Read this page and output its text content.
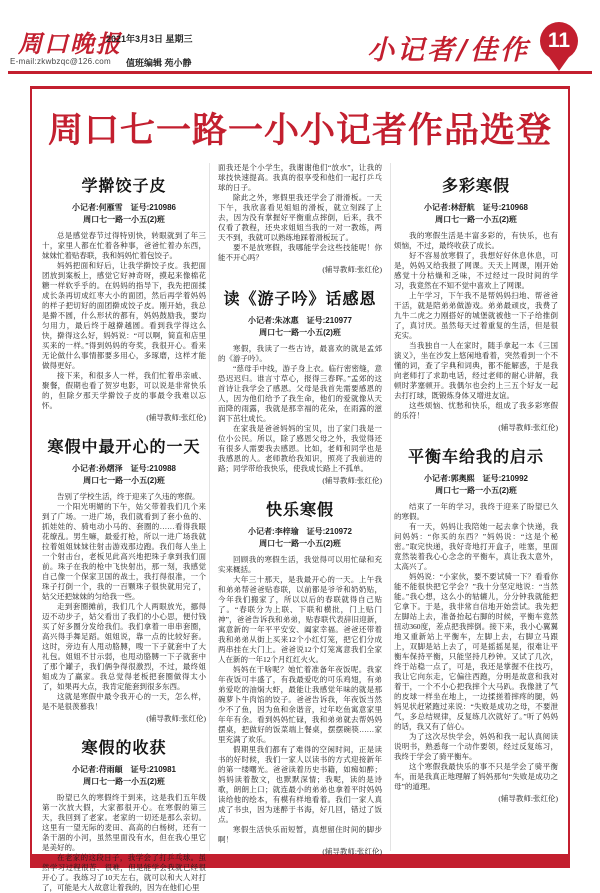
周口晚报
E-mail:zkwbzqc@126.com
2021年3月3日 星期三
值班编辑 苑小静	小记者/佳作 11
周口七一路一小小记者作品选登
学擀饺子皮
小记者:何雁雪　证号:210986
周口七一路一小五(2)班
总是感觉春节过得特别快，转眼就到了年三十，家里人都在忙着各种事，爸爸忙着办东西，妹妹忙着贴春联，我和妈妈忙着包饺子。
妈妈把面和好后，让我学擀饺子皮。我把面团放到案板上，感觉它好神奇呀，摸起来像棉花糖一样软乎乎的。在妈妈的指导下，我先把面揉成长条再切成红枣大小的面团，然后再学着妈妈的样子把切好的面团擀成饺子皮。刚开始，我总是擀不圆，什么形状的都有，妈妈鼓励我，要均匀用力，最后终于越擀越圆。看到我学得这么快，擀得这么好，妈妈说：“可以啊，简直和店里买来的一样。”得到妈妈的夸奖，我很开心。看来无论做什么事情都要多用心，多琢磨，这样才能做得更好。
接下来，和很多人一样，我们忙着串亲戚、聚餐，假期也看了贺岁电影，可以说是非常快乐的，但除夕那天学擀饺子皮的事最令我难以忘怀。
(辅导教师:张红伦)
寒假中最开心的一天
小记者:孙熠泽　证号:210988
周口七一路一小五(2)班
告别了学校生活，终于迎来了久违的寒假。
一个阳光明媚的下午，姑父带着我们几个来到了广场。一进广场，我们就看到了套小鱼的、抓娃娃的、骑电动小马的、套圈的……看得我眼花缭乱。男生嘛，最爱打枪，所以一进广场我就拉着姐姐妹妹往射击游戏那边跑。我们每人坐上一个射击台，老板见此高兴地把珠子拿到我们面前。珠子在我的枪中飞快射出，那一刻，我感觉自己像一个保家卫国的战士，我打得很准，一个珠子打倒一个，我的一百颗珠子很快就用完了，姑父还把妹妹的匀给我一些。
走到套圈摊前，我们几个人两眼放光，挪得迈不动步子，姑父看出了我们的小心思，便付钱买了好多圈分发给我们。我们拿着一串串套圈，高兴得手舞足蹈。姐姐说，靠一点的比较好套。这时，旁边有人甩动胳膊，嗖一下子就套中了大礼包。姐姐不甘示弱，也甩动胳膊一下子就套中了那个罐子，我们俩争得很激烈，不过，最终姐姐成为了赢家。我总觉得老板把套圈做得太小了，如果再大点，我肯定能套到很多东西。
这就是寒假中最令我开心的一天，怎么样，是不是很羡慕我！
(辅导教师:张红伦)
寒假的收获
小记者:苻雨頔　证号:210981
周口七一路一小五(2)班
盼望已久的寒假终于到来，这是我们五年级第一次放大假，大家都很开心。在寒假的第三天，我回到了老家。老家的一切还是那么亲切。这里有一望无际的麦田、高高的白杨树，还有一条干涸的小河，虽然里面没有水，但在我心里它是美好的。
在老家的这段日子，我学会了打乒乓球。虽然学习过程很苦、很难，但是能学会我就已经很开心了。我练习了10天左右，就可以和大人对打了，可能是大人故意让着我的，因为在他们心里
面我还是个小学生，我谢谢他们“放水”，让我的球技快速提高。我真的很享受和他们一起打乒乓球的日子。
除此之外，寒假里我还学会了滑滑板。一天下午，我欣喜看见姐姐的滑板，就立刻踩了上去，因为没有掌握好平衡重点摔倒，后来，我不仅看了教程，还央求姐姐当我的一对一教练，两天不到，我就可以熟练地踩着滑板玩了。
要不是放寒假，我哪能学会这些技能呢！你能不开心吗？
(辅导教师:张红伦)
读《游子吟》话感恩
小记者:朱冰惠　证号:210977
周口七一路一小五(2)班
寒假，我读了一些古诗，最喜欢的就是孟郊的《游子吟》。
“慈母手中线，游子身上衣。临行密密缝，意恐迟迟归。谁言寸草心，报得三春晖。”孟郊的这首诗让我学会了感恩。父母是我首先需要感恩的人，因为他们给予了我生命，他们的爱就像从天而降的雨露，我就是那幸福的花朵，在雨露的滋润下茁壮成长。
在家我是爸爸妈妈的宝贝，出了家门我是一位小公民。所以，除了感恩父母之外，我觉得还有很多人需要我去感恩。比如，老师和同学也是我感恩的人。老师教给我知识，照亮了我前进的路；同学带给我快乐，使我成长路上不孤单。
(辅导教师:张红伦)
快乐寒假
小记者:李梓瑜　证号:210972
周口七一路一小五(2)班
回顾我的寒假生活，我觉得可以用忙碌和充实来概括。
大年三十那天，是我最开心的一天。上午我和弟弟帮爸爸贴春联，以前都是爷爷和奶奶贴，今年我们搬家了，所以以后的春联就得自己贴了。“春联分为上联、下联和横批，门上贴门神”，爸爸告诉我和弟弟，贴春联代表辞旧迎新，寓意新的一年平平安安、阖家幸福。爸爸还带着我和弟弟从街上买来12个小红灯笼，把它们分成两串挂在大门上。爸爸说12个灯笼寓意我们全家人在新的一年12个月红红火火。
妈妈在干啥呢？她忙着准备年夜饭呢。我家年夜饭可丰盛了，有我最爱吃的可乐鸡翅，有弟弟爱吃的油焖大虾，最能让我感觉年味的就是那碗萝卜牛肉馅的饺子。爸爸告诉我，年夜饭当然少不了鱼，因为鱼和余谐音，过年吃鱼寓意家里年年有余。看到妈妈忙碌，我和弟弟就去帮妈妈摆桌，把做好的饭菜端上餐桌，摆摆碗筷……家里充满了欢乐。
假期里我们都有了难得的空闲时间，正是读书的好时候，我们一家人以读书的方式迎接新年的第一缕曙光。爸爸读着历史书籍，如痴如醉；妈妈读着散文，也默默深情；我呢，读的是诗歌，朗朗上口；就连最小的弟弟也拿着平时妈妈读给他的绘本，有模有样地看着。我们一家人真成了书虫，因为迷醉于书海，好几回，错过了饭点。
寒假生活快乐而短暂，真想留住时间的脚步啊！
(辅导教师:张红伦)
多彩寒假
小记者:林舒航　证号:210968
周口七一路一小五(2)班
我的寒假生活是丰富多彩的，有快乐，也有烦恼，不过，最终收获了成长。
好不容易放寒假了，我想好好休息休息，可是，妈妈又给我报了网课。天天上网课，刚开始感觉十分枯燥和乏味，不过经过一段时间的学习，我竟然在不知不觉中喜欢上了网课。
上午学习，下午我不是帮妈妈扫地、帮爸爸干活，就是陪弟弟做游戏。弟弟最顽皮，我费了九牛二虎之力刚搭好的城堡就被他一下子给推倒了，真讨厌。虽然每天过着重复的生活，但是很充实。
当我独自一人在家时，随手拿起一本《三国演义》，坐在沙发上悠闲地看着，突然看到一个不懂的词，查了字典和词典，都不能解惑，于是我向老师打了求助电话，经过老师的耐心讲解，我顿时茅塞顿开。我偶尔也会约上三五个好友一起去打打球，既锻炼身体又增进友谊。
这些烦恼、忧愁和快乐，组成了我多彩寒假的乐符！
(辅导教师:张红伦)
平衡车给我的启示
小记者:郭奥熙　证号:210992
周口七一路一小五(2)班
结束了一年的学习，我终于迎来了盼望已久的寒假。
有一天，妈妈让我陪她一起去拿个快递，我问妈妈：“你买的东西？”妈妈说：“这是个秘密。”取完快递，我好奇地打开盒子，哇塞，里面竟然装着我心心念念的平衡车，真让我太意外，太高兴了。
妈妈说：“小家伙，要不要试骑一下？看看你能不能很快把它学会？”我十分坚定地说：“当然能。”我心想，这么小的轱辘儿，分分钟我就能把它拿下。于是，我非常自信地开始尝试。我先把左脚站上去，准备抬起右脚的时候，平衡车竟然扭动360度，差点把我摔倒。接下来，我小心翼翼地又重新站上平衡车，左脚上去，右脚立马跟上，双脚是站上去了，可是摇摇晃晃，很难让平衡车保持平衡，只能坚持几秒钟。又试了几次，终于站稳一点了，可是，我还是掌握不住技巧，我让它向东走，它偏往西跑，分明是故意和我对着干，一个不小心把我摔个大马趴。我像泄了气的皮球一样坐在地上，一边揉搓着摔疼的腿，妈妈见状赶紧跑过来说：“失败是成功之母，不要泄气，多总结规律，反复练几次就好了。”听了妈妈的话，我又有了信心。
为了这次尽快学会，妈妈和我一起认真阅读说明书，熟悉每一个动作要领，经过反复练习，我终于学会了骑平衡车。
这个寒假我最快乐的事不只是学会了骑平衡车，而是我真正地理解了妈妈那句“失败是成功之母”的道理。
(辅导教师:张红伦)
